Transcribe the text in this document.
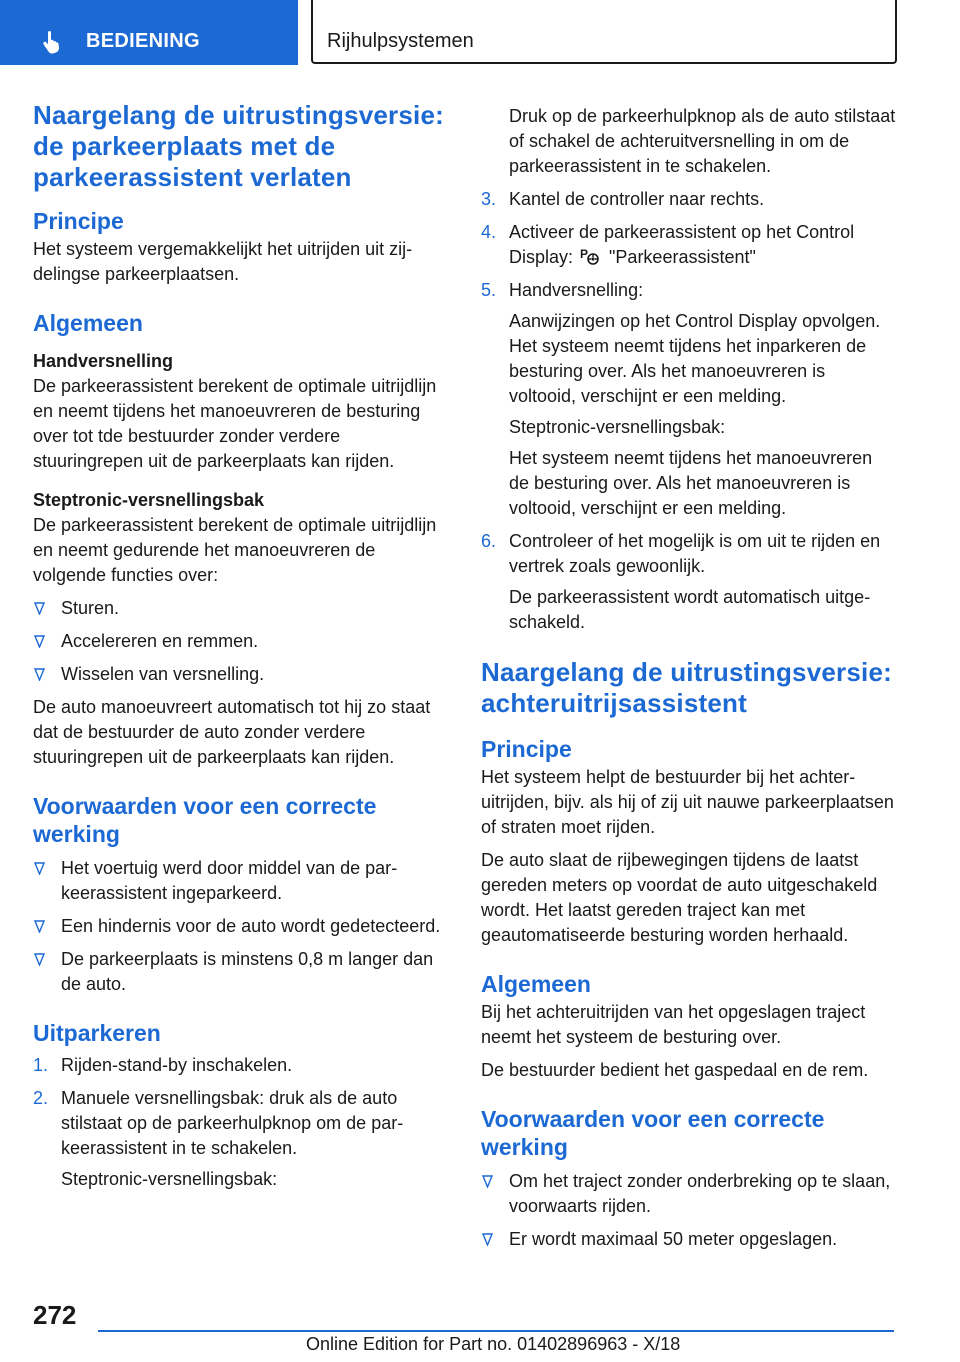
BEDIENING	Rijhulpsystemen
Naargelang de uitrustingsversie: de parkeerplaats met de parkeerassistent verlaten
Principe

Het systeem vergemakkelijkt het uitrijden uit zijdelingse parkeerplaatsen.

Algemeen
Handversnelling

De parkeerassistent berekent de optimale uitrijdlijn en neemt tijdens het manoeuvreren de besturing over tot tde bestuurder zonder verdere stuuringrepen uit de parkeerplaats kan rijden.

Steptronic-versnellingsbak

De parkeerassistent berekent de optimale uitrijdlijn en neemt gedurende het manoeuvreren de volgende functies over:

Sturen.
Accelereren en remmen.
Wisselen van versnelling.

De auto manoeuvreert automatisch tot hij zo staat dat de bestuurder de auto zonder verdere stuuringrepen uit de parkeerplaats kan rijden.

Voorwaarden voor een correcte werking
Het voertuig werd door middel van de parkeerassistent ingeparkeerd.
Een hindernis voor de auto wordt gedetecteerd.
De parkeerplaats is minstens 0,8 m langer dan de auto.
Uitparkeren
1. Rijden-stand-by inschakelen.
2. Manuele versnellingsbak: druk als de auto stilstaat op de parkeerhulpknop om de parkeerassistent in te schakelen.
Steptronic-versnellingsbak:

Druk op de parkeerhulpknop als de auto stilstaat of schakel de achteruitversnelling in om de parkeerassistent in te schakelen.

3. Kantel de controller naar rechts.
4. Activeer de parkeerassistent op het Control Display: P "Parkeerassistent"
5. Handversnelling:
Aanwijzingen op het Control Display opvolgen. Het systeem neemt tijdens het inparkeren de besturing over. Als het manoeuvreren is voltooid, verschijnt er een melding.
Steptronic-versnellingsbak:
Het systeem neemt tijdens het manoeuvreren de besturing over. Als het manoeuvreren is voltooid, verschijnt er een melding.
6. Controleer of het mogelijk is om uit te rijden en vertrek zoals gewoonlijk.
De parkeerassistent wordt automatisch uitgeschakeld.
Naargelang de uitrustingsversie: achteruitrijsassistent
Principe

Het systeem helpt de bestuurder bij het achteruitrijden, bijv. als hij of zij uit nauwe parkeerplaatsen of straten moet rijden.

De auto slaat de rijbewegingen tijdens de laatst gereden meters op voordat de auto uitgeschakeld wordt. Het laatst gereden traject kan met geautomatiseerde besturing worden herhaald.

Algemeen

Bij het achteruitrijden van het opgeslagen traject neemt het systeem de besturing over.

De bestuurder bedient het gaspedaal en de rem.

Voorwaarden voor een correcte werking
Om het traject zonder onderbreking op te slaan, voorwaarts rijden.
Er wordt maximaal 50 meter opgeslagen.
272
Online Edition for Part no. 01402896963 - X/18
